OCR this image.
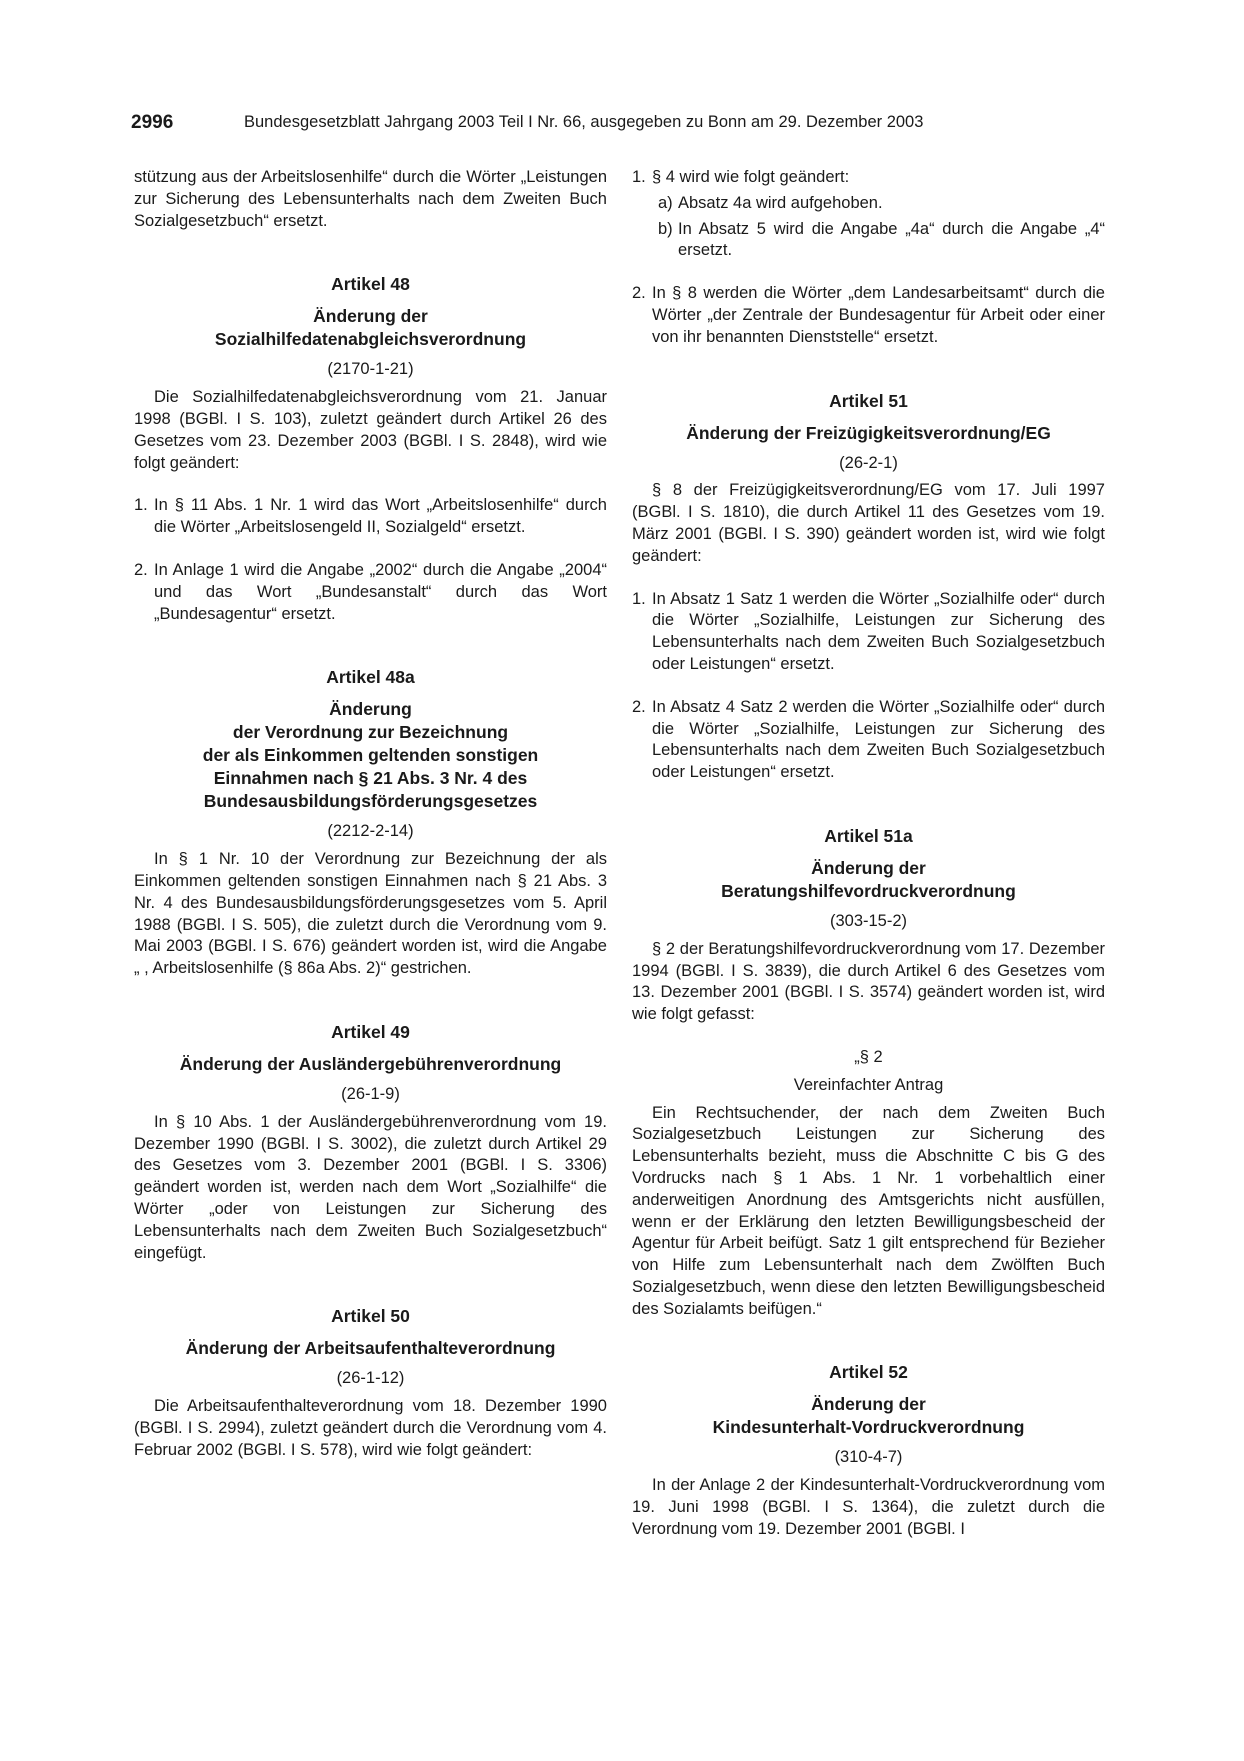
2996	Bundesgesetzblatt Jahrgang 2003 Teil I Nr. 66, ausgegeben zu Bonn am 29. Dezember 2003

stützung aus der Arbeitslosenhilfe“ durch die Wörter „Leistungen zur Sicherung des Lebensunterhalts nach dem Zweiten Buch Sozialgesetzbuch“ ersetzt.

Artikel 48

Änderung der

Sozialhilfedatenabgleichsverordnung

(2170-1-21)

Die Sozialhilfedatenabgleichsverordnung vom 21. Januar 1998 (BGBl. I S. 103), zuletzt geändert durch Artikel 26 des Gesetzes vom 23. Dezember 2003 (BGBl. I S. 2848), wird wie folgt geändert:

1. In § 11 Abs. 1 Nr. 1 wird das Wort „Arbeitslosenhilfe“ durch die Wörter „Arbeitslosengeld II, Sozialgeld“ ersetzt.
2. In Anlage 1 wird die Angabe „2002“ durch die Angabe „2004“ und das Wort „Bundesanstalt“ durch das Wort „Bundesagentur“ ersetzt.

Artikel 48a

Änderung

der Verordnung zur Bezeichnung

der als Einkommen geltenden sonstigen

Einnahmen nach § 21 Abs. 3 Nr. 4 des

Bundesausbildungsförderungsgesetzes

(2212-2-14)

In § 1 Nr. 10 der Verordnung zur Bezeichnung der als Einkommen geltenden sonstigen Einnahmen nach § 21 Abs. 3 Nr. 4 des Bundesausbildungsförderungsgesetzes vom 5. April 1988 (BGBl. I S. 505), die zuletzt durch die Verordnung vom 9. Mai 2003 (BGBl. I S. 676) geändert worden ist, wird die Angabe „ , Arbeitslosenhilfe (§ 86a Abs. 2)“ gestrichen.

Artikel 49

Änderung der Ausländergebührenverordnung

(26-1-9)

In § 10 Abs. 1 der Ausländergebührenverordnung vom 19. Dezember 1990 (BGBl. I S. 3002), die zuletzt durch Artikel 29 des Gesetzes vom 3. Dezember 2001 (BGBl. I S. 3306) geändert worden ist, werden nach dem Wort „Sozialhilfe“ die Wörter „oder von Leistungen zur Sicherung des Lebensunterhalts nach dem Zweiten Buch Sozialgesetzbuch“ eingefügt.

Artikel 50

Änderung der Arbeitsaufenthalteverordnung

(26-1-12)

Die Arbeitsaufenthalteverordnung vom 18. Dezember 1990 (BGBl. I S. 2994), zuletzt geändert durch die Verordnung vom 4. Februar 2002 (BGBl. I S. 578), wird wie folgt geändert:

1. § 4 wird wie folgt geändert:
a) Absatz 4a wird aufgehoben.
b) In Absatz 5 wird die Angabe „4a“ durch die Angabe „4“ ersetzt.
2. In § 8 werden die Wörter „dem Landesarbeitsamt“ durch die Wörter „der Zentrale der Bundesagentur für Arbeit oder einer von ihr benannten Dienststelle“ ersetzt.

Artikel 51

Änderung der Freizügigkeitsverordnung/EG

(26-2-1)

§ 8 der Freizügigkeitsverordnung/EG vom 17. Juli 1997 (BGBl. I S. 1810), die durch Artikel 11 des Gesetzes vom 19. März 2001 (BGBl. I S. 390) geändert worden ist, wird wie folgt geändert:

1. In Absatz 1 Satz 1 werden die Wörter „Sozialhilfe oder“ durch die Wörter „Sozialhilfe, Leistungen zur Sicherung des Lebensunterhalts nach dem Zweiten Buch Sozialgesetzbuch oder Leistungen“ ersetzt.
2. In Absatz 4 Satz 2 werden die Wörter „Sozialhilfe oder“ durch die Wörter „Sozialhilfe, Leistungen zur Sicherung des Lebensunterhalts nach dem Zweiten Buch Sozialgesetzbuch oder Leistungen“ ersetzt.

Artikel 51a

Änderung der

Beratungshilfevordruckverordnung

(303-15-2)

§ 2 der Beratungshilfevordruckverordnung vom 17. Dezember 1994 (BGBl. I S. 3839), die durch Artikel 6 des Gesetzes vom 13. Dezember 2001 (BGBl. I S. 3574) geändert worden ist, wird wie folgt gefasst:

„§ 2

Vereinfachter Antrag

Ein Rechtsuchender, der nach dem Zweiten Buch Sozialgesetzbuch Leistungen zur Sicherung des Lebensunterhalts bezieht, muss die Abschnitte C bis G des Vordrucks nach § 1 Abs. 1 Nr. 1 vorbehaltlich einer anderweitigen Anordnung des Amtsgerichts nicht ausfüllen, wenn er der Erklärung den letzten Bewilligungsbescheid der Agentur für Arbeit beifügt. Satz 1 gilt entsprechend für Bezieher von Hilfe zum Lebensunterhalt nach dem Zwölften Buch Sozialgesetzbuch, wenn diese den letzten Bewilligungsbescheid des Sozialamts beifügen.“

Artikel 52

Änderung der

Kindesunterhalt-Vordruckverordnung

(310-4-7)

In der Anlage 2 der Kindesunterhalt-Vordruckverordnung vom 19. Juni 1998 (BGBl. I S. 1364), die zuletzt durch die Verordnung vom 19. Dezember 2001 (BGBl. I
